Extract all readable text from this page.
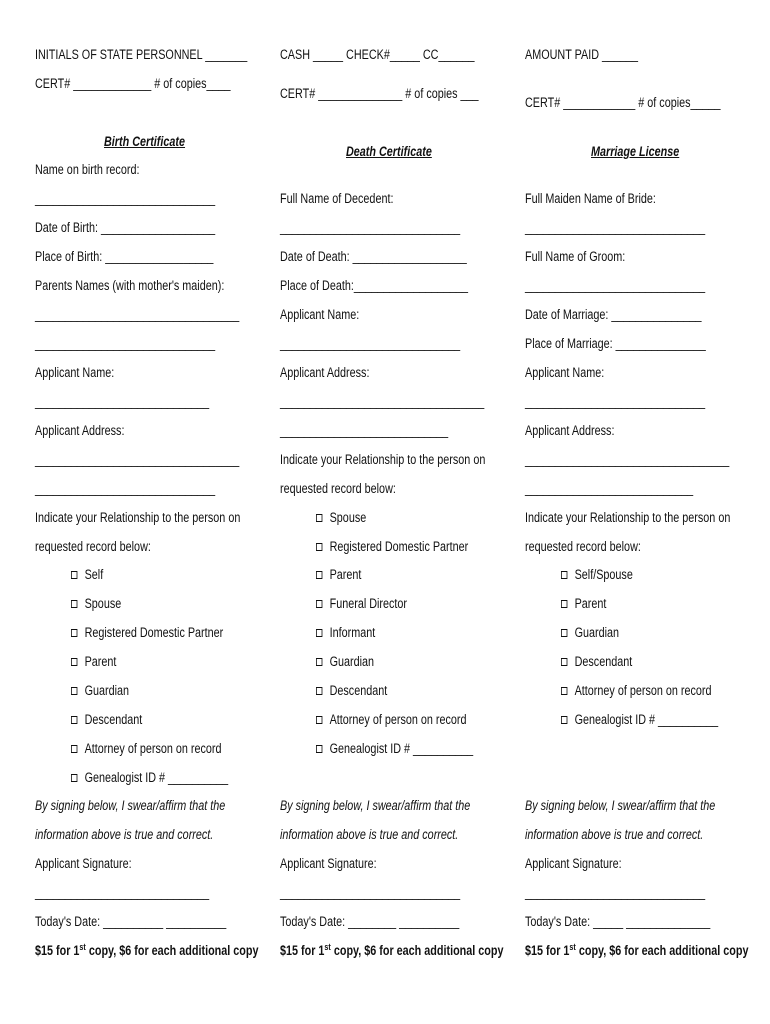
INITIALS OF STATE PERSONNEL _______
CERT# _____________ # of copies____
Birth Certificate
Name on birth record:
______________________________
Date of Birth: ___________________
Place of Birth: __________________
Parents Names (with mother's maiden):
__________________________________
______________________________
Applicant Name:
_____________________________
Applicant Address:
__________________________________
______________________________
Indicate your Relationship to the person on
requested record below:
Self
Spouse
Registered Domestic Partner
Parent
Guardian
Descendant
Attorney of person on record
Genealogist ID # __________
By signing below, I swear/affirm that the
information above is true and correct.
Applicant Signature:
_____________________________
Today's Date: __________ __________
$15 for 1st copy, $6 for each additional copy
CASH _____ CHECK#_____ CC______
CERT# ______________ # of copies ___
Death Certificate
Full Name of Decedent:
______________________________
Date of Death: ___________________
Place of Death:___________________
Applicant Name:
______________________________
Applicant Address:
__________________________________
____________________________
Indicate your Relationship to the person on
requested record below:
Spouse
Registered Domestic Partner
Parent
Funeral Director
Informant
Guardian
Descendant
Attorney of person on record
Genealogist ID # __________
By signing below, I swear/affirm that the
information above is true and correct.
Applicant Signature:
______________________________
Today's Date: ________ __________
$15 for 1st copy, $6 for each additional copy
AMOUNT PAID ______
CERT# ____________ # of copies_____
Marriage License
Full Maiden Name of Bride:
______________________________
Full Name of Groom:
______________________________
Date of Marriage: _______________
Place of Marriage: _______________
Applicant Name:
______________________________
Applicant Address:
__________________________________
____________________________
Indicate your Relationship to the person on
requested record below:
Self/Spouse
Parent
Guardian
Descendant
Attorney of person on record
Genealogist ID # __________
By signing below, I swear/affirm that the
information above is true and correct.
Applicant Signature:
______________________________
Today's Date: _____ ______________
$15 for 1st copy, $6 for each additional copy
